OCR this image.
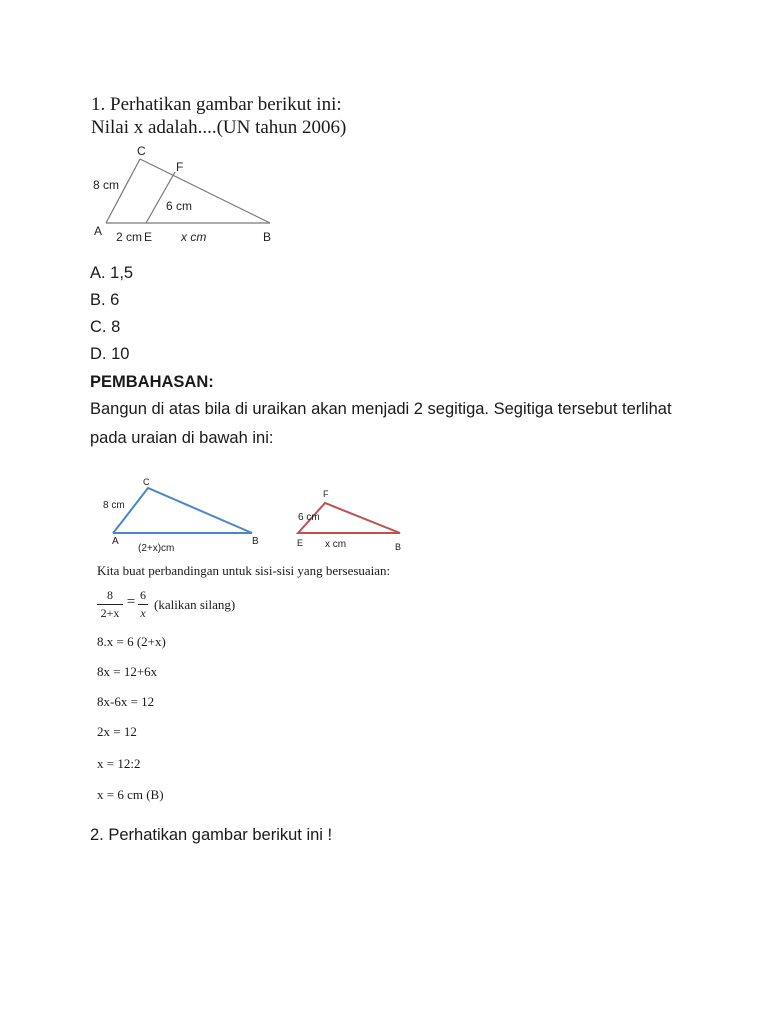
1. Perhatikan gambar berikut ini:
Nilai x adalah....(UN tahun 2006)
C
F
A	E	B
8 cm
6 cm
2 cm	x cm
A. 1,5
B. 6
C. 8
D. 10
PEMBAHASAN:
Bangun di atas bila di uraikan akan menjadi 2 segitiga. Segitiga tersebut terlihat pada uraian di bawah ini:
C
8 cm
A	B
(2+x)cm
F
6 cm
E x cm	B
Kita buat perbandingan untuk sisi-sisi yang bersesuaian:
8
2+x
= 6
x
(kalikan silang)
8.x = 6 (2+x)
8x = 12+6x
8x-6x = 12
2x = 12
x = 12:2
x = 6 cm (B)
2. Perhatikan gambar berikut ini !
